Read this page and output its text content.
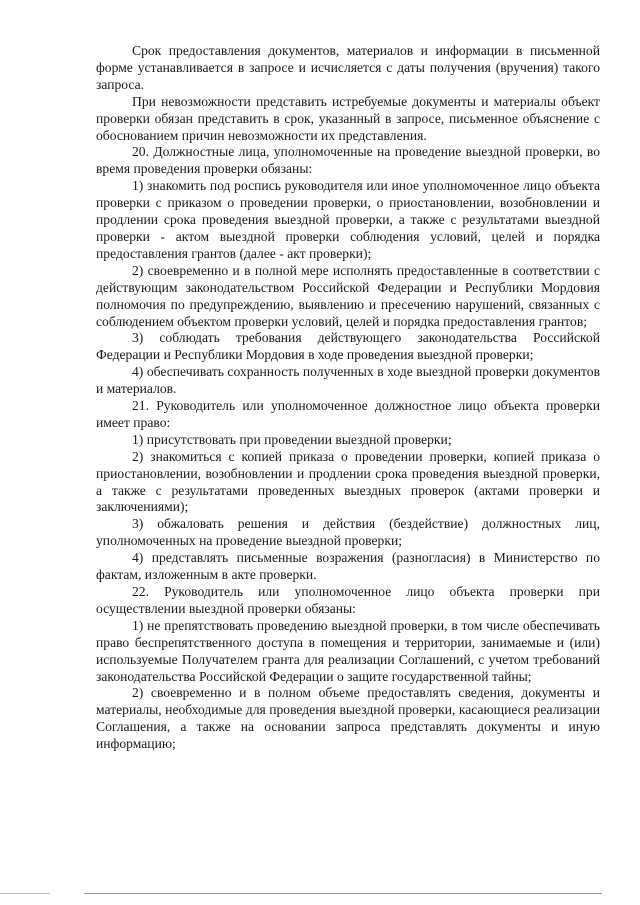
Срок предоставления документов, материалов и информации в письменной форме устанавливается в запросе и исчисляется с даты получения (вручения) такого запроса.

При невозможности представить истребуемые документы и материалы объект проверки обязан представить в срок, указанный в запросе, письменное объяснение с обоснованием причин невозможности их представления.

20. Должностные лица, уполномоченные на проведение выездной проверки, во время проведения проверки обязаны:

1) знакомить под роспись руководителя или иное уполномоченное лицо объекта проверки с приказом о проведении проверки, о приостановлении, возобновлении и продлении срока проведения выездной проверки, а также с результатами выездной проверки - актом выездной проверки соблюдения условий, целей и порядка предоставления грантов (далее - акт проверки);

2) своевременно и в полной мере исполнять предоставленные в соответствии с действующим законодательством Российской Федерации и Республики Мордовия полномочия по предупреждению, выявлению и пресечению нарушений, связанных с соблюдением объектом проверки условий, целей и порядка предоставления грантов;

3) соблюдать требования действующего законодательства Российской Федерации и Республики Мордовия в ходе проведения выездной проверки;

4) обеспечивать сохранность полученных в ходе выездной проверки документов и материалов.

21. Руководитель или уполномоченное должностное лицо объекта проверки имеет право:

1) присутствовать при проведении выездной проверки;

2) знакомиться с копией приказа о проведении проверки, копией приказа о приостановлении, возобновлении и продлении срока проведения выездной проверки, а также с результатами проведенных выездных проверок (актами проверки и заключениями);

3) обжаловать решения и действия (бездействие) должностных лиц, уполномоченных на проведение выездной проверки;

4) представлять письменные возражения (разногласия) в Министерство по фактам, изложенным в акте проверки.

22. Руководитель или уполномоченное лицо объекта проверки при осуществлении выездной проверки обязаны:

1) не препятствовать проведению выездной проверки, в том числе обеспечивать право беспрепятственного доступа в помещения и территории, занимаемые и (или) используемые Получателем гранта для реализации Соглашений, с учетом требований законодательства Российской Федерации о защите государственной тайны;

2) своевременно и в полном объеме предоставлять сведения, документы и материалы, необходимые для проведения выездной проверки, касающиеся реализации Соглашения, а также на основании запроса представлять документы и иную информацию;
